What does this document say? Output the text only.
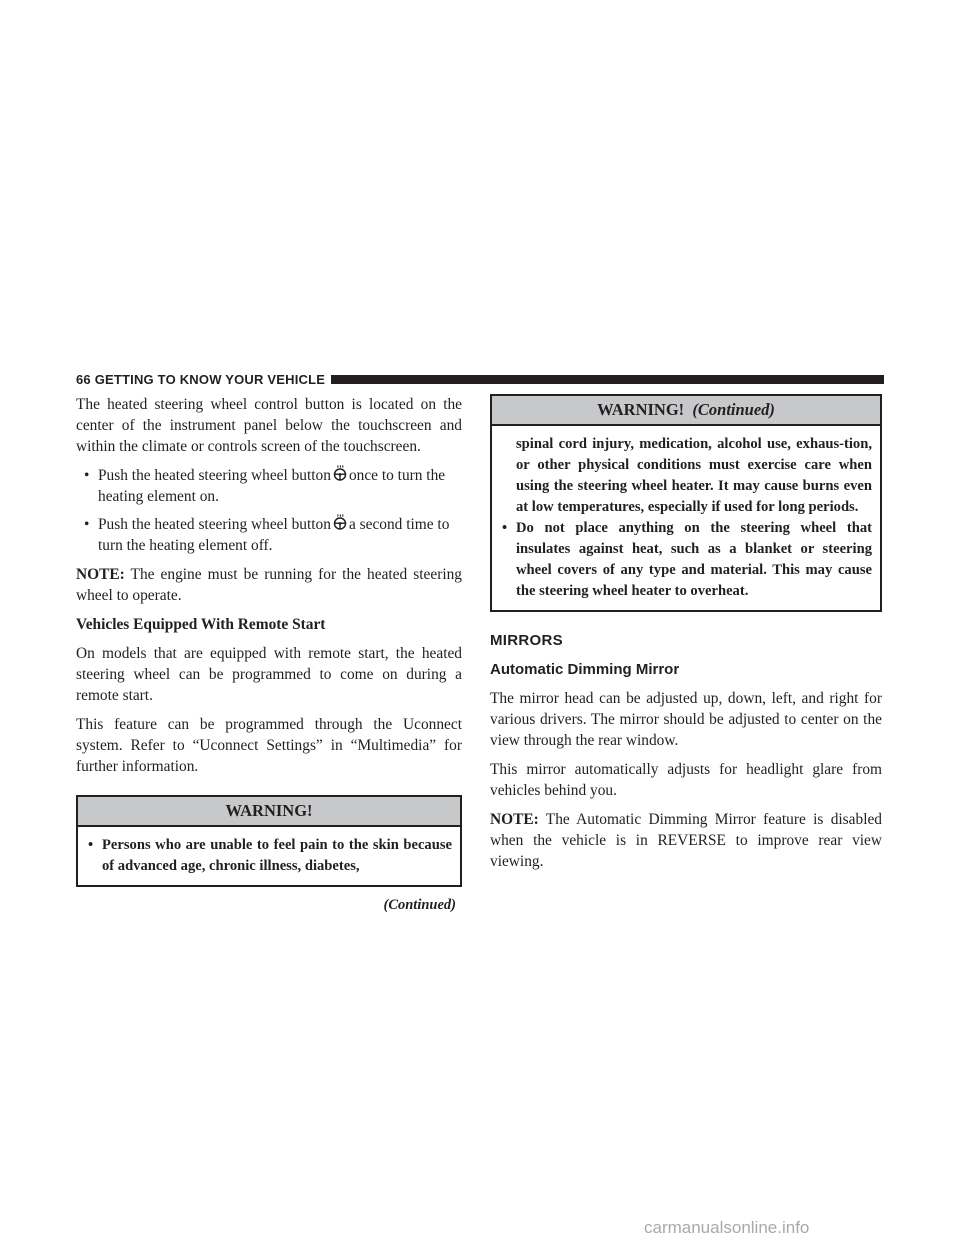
66 GETTING TO KNOW YOUR VEHICLE

The heated steering wheel control button is located on the center of the instrument panel below the touchscreen and within the climate or controls screen of the touchscreen.

• Push the heated steering wheel button once to turn the heating element on.
• Push the heated steering wheel button a second time to turn the heating element off.

NOTE: The engine must be running for the heated steering wheel to operate.

Vehicles Equipped With Remote Start

On models that are equipped with remote start, the heated steering wheel can be programmed to come on during a remote start.

This feature can be programmed through the Uconnect system. Refer to “Uconnect Settings” in “Multimedia” for further information.

WARNING!
• Persons who are unable to feel pain to the skin because of advanced age, chronic illness, diabetes,
(Continued)
WARNING! (Continued)

spinal cord injury, medication, alcohol use, exhaus-tion, or other physical conditions must exercise care when using the steering wheel heater. It may cause burns even at low temperatures, especially if used for long periods.

• Do not place anything on the steering wheel that insulates against heat, such as a blanket or steering wheel covers of any type and material. This may cause the steering wheel heater to overheat.
MIRRORS
Automatic Dimming Mirror

The mirror head can be adjusted up, down, left, and right for various drivers. The mirror should be adjusted to center on the view through the rear window.

This mirror automatically adjusts for headlight glare from vehicles behind you.

NOTE: The Automatic Dimming Mirror feature is disabled when the vehicle is in REVERSE to improve rear view viewing.

carmanualsonline.info
